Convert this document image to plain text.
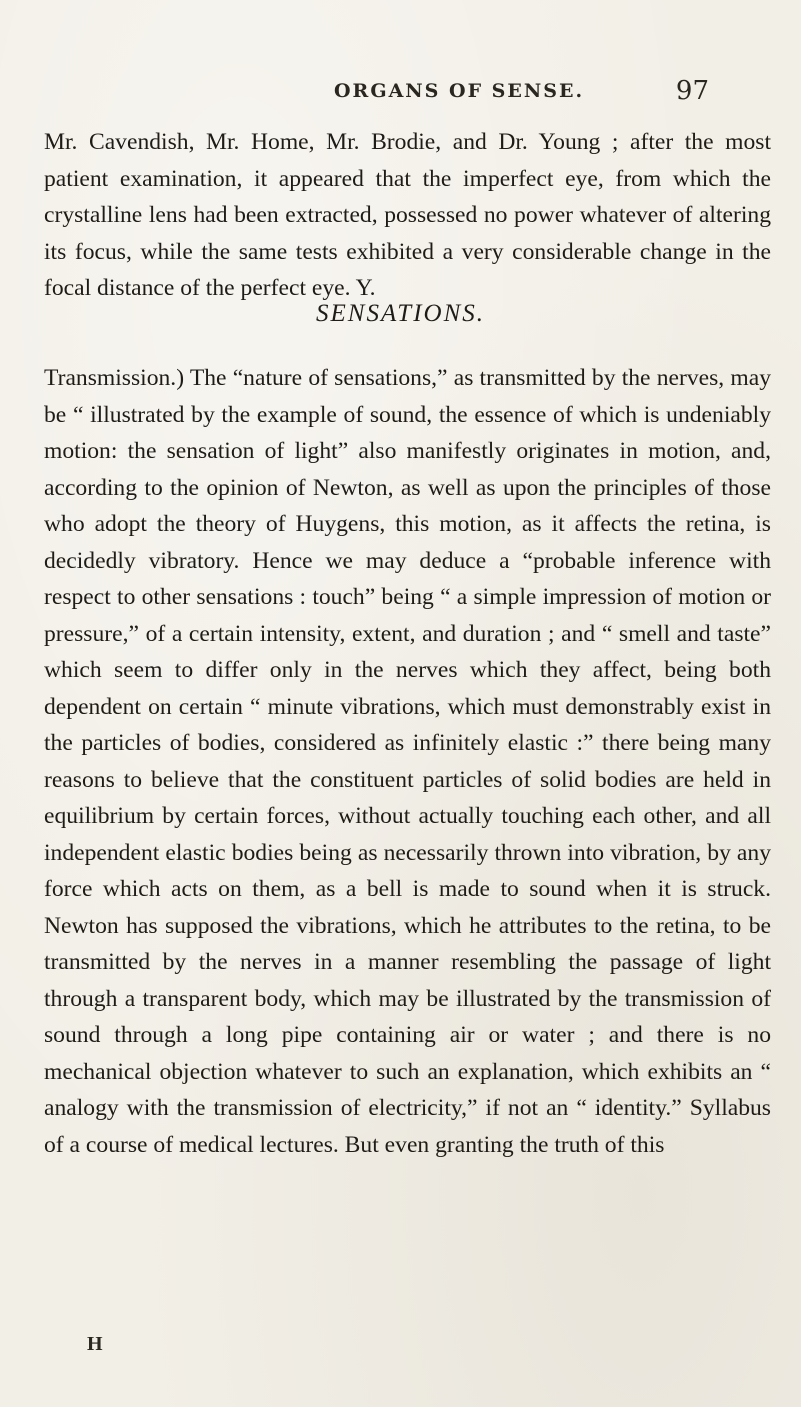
ORGANS OF SENSE.	97

Mr. Cavendish, Mr. Home, Mr. Brodie, and Dr. Young ; after the most patient examination, it appeared that the imperfect eye, from which the crystalline lens had been extracted, possessed no power whatever of altering its focus, while the same tests exhibited a very considerable change in the focal distance of the perfect eye. Y.

SENSATIONS.

Transmission.) The “nature of sensations,” as transmitted by the nerves, may be “ illustrated by the example of sound, the essence of which is undeniably motion: the sensation of light” also manifestly originates in motion, and, according to the opinion of Newton, as well as upon the principles of those who adopt the theory of Huygens, this motion, as it affects the retina, is decidedly vibratory. Hence we may deduce a “probable inference with respect to other sensations : touch” being “ a simple impression of motion or pressure,” of a certain intensity, extent, and duration ; and “ smell and taste” which seem to differ only in the nerves which they affect, being both dependent on certain “ minute vibrations, which must demonstrably exist in the particles of bodies, considered as infinitely elastic :” there being many reasons to believe that the constituent particles of solid bodies are held in equilibrium by certain forces, without actually touching each other, and all independent elastic bodies being as necessarily thrown into vibration, by any force which acts on them, as a bell is made to sound when it is struck. Newton has supposed the vibrations, which he attributes to the retina, to be transmitted by the nerves in a manner resembling the passage of light through a transparent body, which may be illustrated by the transmission of sound through a long pipe containing air or water ; and there is no mechanical objection whatever to such an explanation, which exhibits an “ analogy with the transmission of electricity,” if not an “ identity.” Syllabus of a course of medical lectures. But even granting the truth of this

H
